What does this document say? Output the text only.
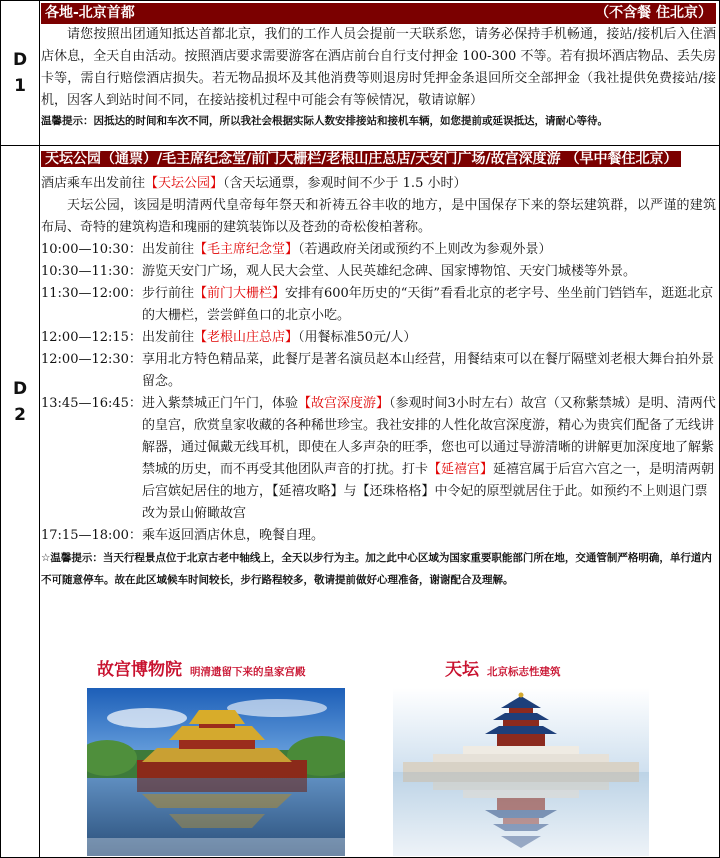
D
1
各地-北京首都	（不含餐 住北京）

请您按照出团通知抵达首都北京，我们的工作人员会提前一天联系您，请务必保持手机畅通，接站/接机后入住酒店休息，全天自由活动。按照酒店要求需要游客在酒店前台自行支付押金 100-300 不等。若有损坏酒店物品、丢失房卡等，需自行赔偿酒店损失。若无物品损坏及其他消费等则退房时凭押金条退回所交全部押金（我社提供免费接站/接机，因客人到站时间不同，在接站接机过程中可能会有等候情况，敬请谅解）

温馨提示：因抵达的时间和车次不同，所以我社会根据实际人数安排接站和接机车辆，如您提前或延误抵达，请耐心等待。

D
2
天坛公园（通票）/毛主席纪念堂/前门大栅栏/老根山庄总店/天安门广场/故宫深度游 （早中餐住北京）

酒店乘车出发前往【天坛公园】（含天坛通票，参观时间不少于 1.5 小时）

天坛公园，该园是明清两代皇帝每年祭天和祈祷五谷丰收的地方，是中国保存下来的祭坛建筑群，以严谨的建筑布局、奇特的建筑构造和瑰丽的建筑装饰以及苍劲的奇松俊柏著称。

10:00—10:30： 出发前往【毛主席纪念堂】（若遇政府关闭或预约不上则改为参观外景）
10:30—11:30： 游览天安门广场，观人民大会堂、人民英雄纪念碑、国家博物馆、天安门城楼等外景。
11:30—12:00： 步行前往【前门大栅栏】安排有600年历史的“天街”看看北京的老字号、坐坐前门铛铛车，逛逛北京的大栅栏，尝尝鲜鱼口的北京小吃。
12:00—12:15： 出发前往【老根山庄总店】（用餐标准50元/人）
12:00—12:30： 享用北方特色精品菜，此餐厅是著名演员赵本山经营，用餐结束可以在餐厅隔壁刘老根大舞台拍外景留念。
13:45—16:45： 进入紫禁城正门午门，体验【故宫深度游】（参观时间3小时左右）故宫（又称紫禁城）是明、清两代的皇宫，欣赏皇家收藏的各种稀世珍宝。我社安排的人性化故宫深度游，精心为贵宾们配备了无线讲解器，通过佩戴无线耳机，即使在人多声杂的旺季，您也可以通过导游清晰的讲解更加深度地了解紫禁城的历史，而不再受其他团队声音的打扰。打卡【延禧宫】延禧宫属于后宫六宫之一，是明清两朝后宫嫔妃居住的地方，【延禧攻略】与【还珠格格】中令妃的原型就居住于此。如预约不上则退门票改为景山俯瞰故宫
17:15—18:00： 乘车返回酒店休息，晚餐自理。

☆温馨提示：当天行程景点位于北京古老中轴线上，全天以步行为主。加之此中心区域为国家重要职能部门所在地，交通管制严格明确，单行道内不可随意停车。故在此区域候车时间较长，步行路程较多，敬请提前做好心理准备，谢谢配合及理解。

故宫博物院 明清遗留下来的皇家宫殿	天坛 北京标志性建筑
